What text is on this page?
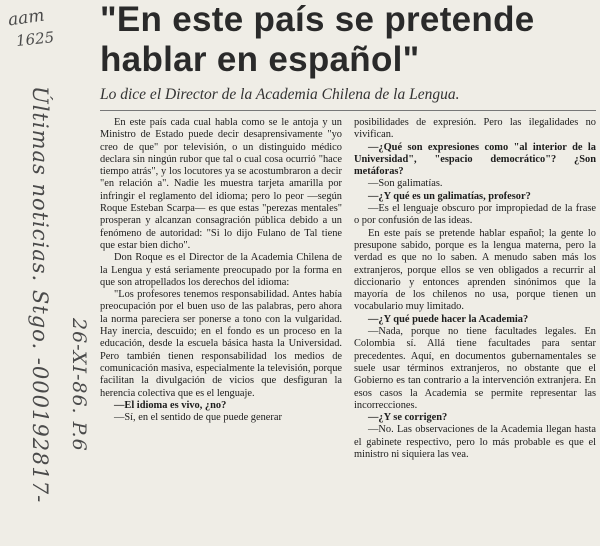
aam
1625
Últimas noticias. Stgo. -000192817- 26-XI-86. P.6
"En este país se pretende
hablar en español"
Lo dice el Director de la Academia Chilena de la Lengua.

En este país cada cual habla como se le antoja y un Ministro de Estado puede decir desaprensivamente "yo creo de que" por televisión, o un distinguido médico declara sin ningún rubor que tal o cual cosa ocurrió "hace tiempo atrás", y los locutores ya se acostumbraron a decir "en relación a". Nadie les muestra tarjeta amarilla por infringir el reglamento del idioma; pero lo peor —según Roque Esteban Scarpa— es que estas "perezas mentales" prosperan y alcanzan consagración pública debido a un fenómeno de autoridad: "Si lo dijo Fulano de Tal tiene que estar bien dicho".

Don Roque es el Director de la Academia Chilena de la Lengua y está seriamente preocupado por la forma en que son atropellados los derechos del idioma:

"Los profesores tenemos responsabilidad. Antes había preocupación por el buen uso de las palabras, pero ahora la norma pareciera ser ponerse a tono con la vulgaridad. Hay inercia, descuido; en el fondo es un proceso en la educación, desde la escuela básica hasta la Universidad. Pero también tienen responsabilidad los medios de comunicación masiva, especialmente la televisión, porque facilitan la divulgación de vicios que desfiguran la herencia colectiva que es el lenguaje.

—El idioma es vivo, ¿no?

—Sí, en el sentido de que puede generar

posibilidades de expresión. Pero las ilegalidades no vivifican.

—¿Qué son expresiones como "al interior de la Universidad", "espacio democrático"? ¿Son metáforas?

—Son galimatías.

—¿Y qué es un galimatías, profesor?

—Es el lenguaje obscuro por impropiedad de la frase o por confusión de las ideas.

En este país se pretende hablar español; la gente lo presupone sabido, porque es la lengua materna, pero la verdad es que no lo saben. A menudo saben más los extranjeros, porque ellos se ven obligados a recurrir al diccionario y entonces aprenden sinónimos que la mayoría de los chilenos no usa, porque tienen un vocabulario muy limitado.

—¿Y qué puede hacer la Academia?

—Nada, porque no tiene facultades legales. En Colombia sí. Allá tiene facultades para sentar precedentes. Aquí, en documentos gubernamentales se suele usar términos extranjeros, no obstante que el Gobierno es tan contrario a la intervención extranjera. En esos casos la Academia se permite representar las incorrecciones.

—¿Y se corrigen?

—No. Las observaciones de la Academia llegan hasta el gabinete respectivo, pero lo más probable es que el ministro ni siquiera las vea.
